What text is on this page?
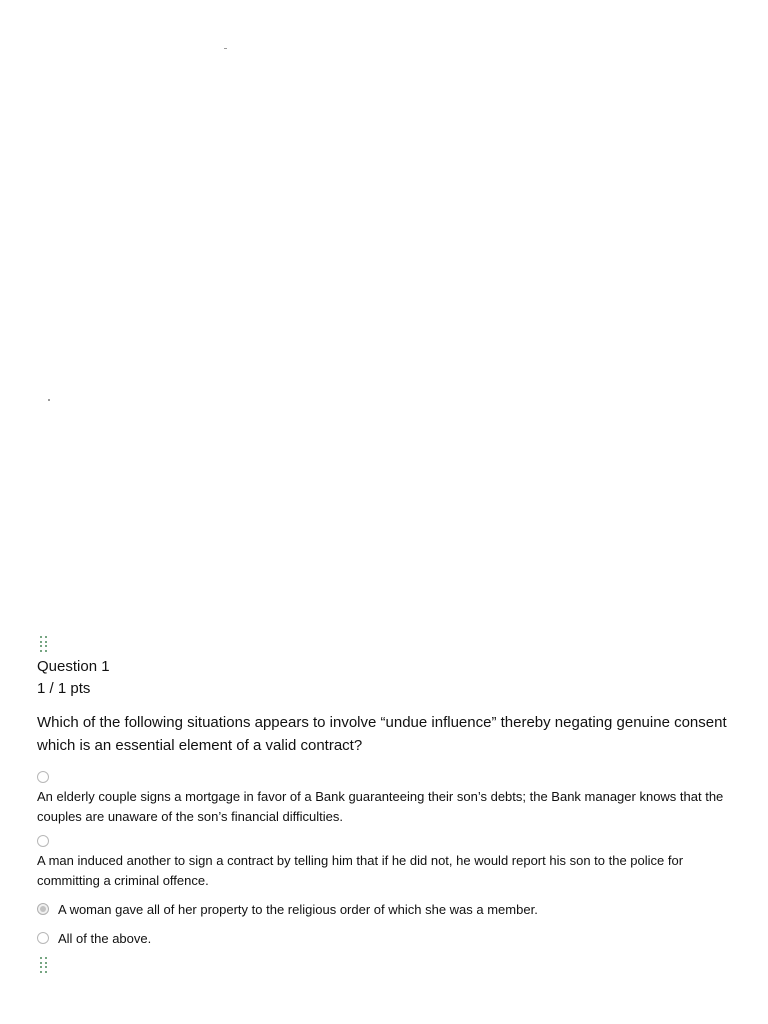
Question 1
1 / 1 pts
Which of the following situations appears to involve “undue influence” thereby negating genuine consent which is an essential element of a valid contract?
An elderly couple signs a mortgage in favor of a Bank guaranteeing their son’s debts; the Bank manager knows that the couples are unaware of the son’s financial difficulties.
A man induced another to sign a contract by telling him that if he did not, he would report his son to the police for committing a criminal offence.
A woman gave all of her property to the religious order of which she was a member.
All of the above.
